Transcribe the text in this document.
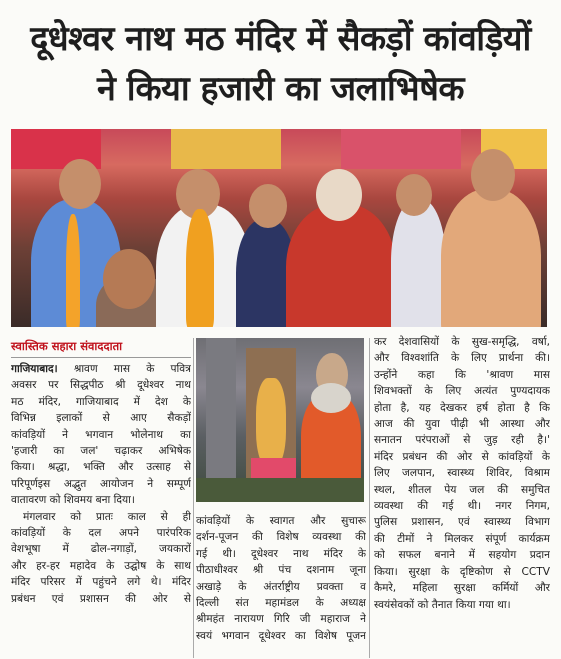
दूधेश्वर नाथ मठ मंदिर में सैकड़ों कांवड़ियों
ने किया हजारी का जलाभिषेक
स्वास्तिक सहारा संवाददाता
गाजियाबाद। श्रावण मास के पवित्र
अवसर पर सिद्धपीठ श्री दूधेश्वर नाथ
मठ मंदिर, गाजियाबाद में देश के
विभिन्न इलाकों से आए सैकड़ों
कांवड़ियों ने भगवान भोलेनाथ का
'हजारी का जल' चढ़ाकर अभिषेक
किया। श्रद्धा, भक्ति और उत्साह से
परिपूर्णइस अद्भुत आयोजन ने सम्पूर्ण
वातावरण को शिवमय बना दिया।
मंगलवार को प्रातः काल से ही
कांवड़ियों के दल अपने पारंपरिक
वेशभूषा में ढोल-नगाड़ों, जयकारों
और हर-हर महादेव के उद्घोष के साथ
मंदिर परिसर में पहुंचने लगे थे। मंदिर
प्रबंधन एवं प्रशासन की ओर से
कांवड़ियों के स्वागत और सुचारू
दर्शन-पूजन की विशेष व्यवस्था की
गई थी। दूधेश्वर नाथ मंदिर के
पीठाधीश्वर श्री पंच दशनाम जूना
अखाड़े के अंतर्राष्ट्रीय प्रवक्ता व
दिल्ली संत महामंडल के अध्यक्ष
श्रीमहंत नारायण गिरि जी महाराज ने
स्वयं भगवान दूधेश्वर का विशेष पूजन
कर देशवासियों के सुख-समृद्धि, वर्षा,
और विश्वशांति के लिए प्रार्थना की।
उन्होंने कहा कि 'श्रावण मास
शिवभक्तों के लिए अत्यंत पुण्यदायक
होता है, यह देखकर हर्ष होता है कि
आज की युवा पीढ़ी भी आस्था और
सनातन परंपराओं से जुड़ रही है।'
मंदिर प्रबंधन की ओर से कांवड़ियों के
लिए जलपान, स्वास्थ्य शिविर, विश्राम
स्थल, शीतल पेय जल की समुचित
व्यवस्था की गई थी। नगर निगम,
पुलिस प्रशासन, एवं स्वास्थ्य विभाग
की टीमों ने मिलकर संपूर्ण कार्यक्रम
को सफल बनाने में सहयोग प्रदान
किया। सुरक्षा के दृष्टिकोण से CCTV
कैमरे, महिला सुरक्षा कर्मियों और
स्वयंसेवकों को तैनात किया गया था।
